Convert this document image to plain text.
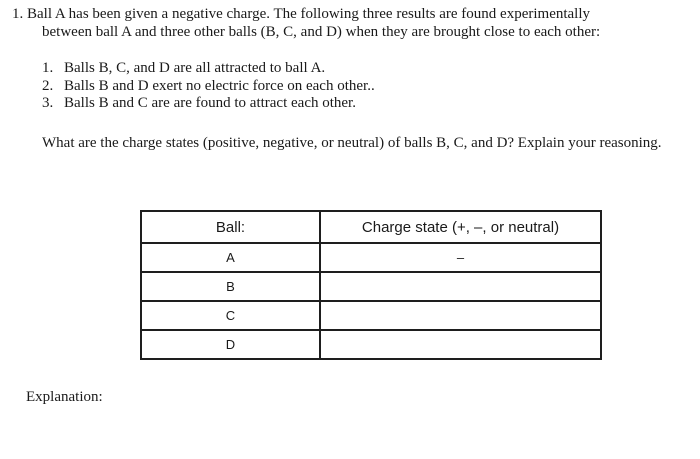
1. Ball A has been given a negative charge. The following three results are found experimentally
between ball A and three other balls (B, C, and D) when they are brought close to each other:
1. Balls B, C, and D are all attracted to ball A.
2. Balls B and D exert no electric force on each other..
3. Balls B and C are are found to attract each other.
What are the charge states (positive, negative, or neutral) of balls B, C, and D? Explain your reasoning.
Ball:	Charge state (+, –, or neutral)
A	–
B	
C	
D	
Explanation:
